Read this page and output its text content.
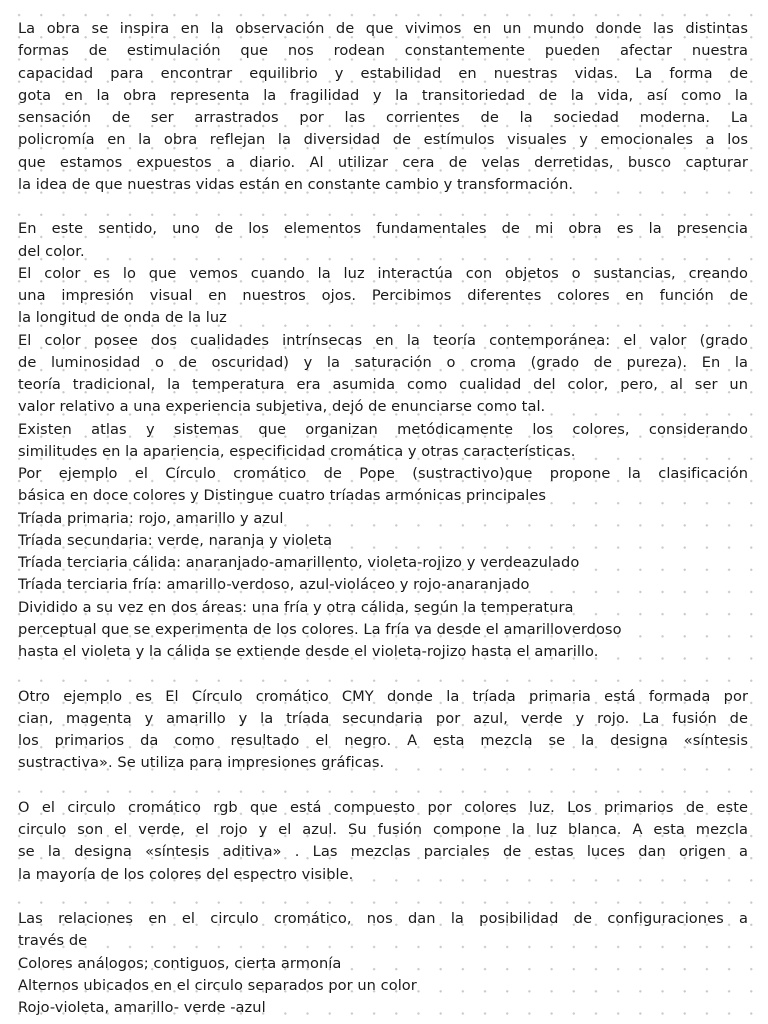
La obra se inspira en la observación de que vivimos en un mundo donde las distintas
formas de estimulación que nos rodean constantemente pueden afectar nuestra
capacidad para encontrar equilibrio y estabilidad en nuestras vidas. La forma de
gota en la obra representa la fragilidad y la transitoriedad de la vida, así como la
sensación de ser arrastrados por las corrientes de la sociedad moderna. La
policromía en la obra reflejan la diversidad de estímulos visuales y emocionales a los
que estamos expuestos a diario. Al utilizar cera de velas derretidas, busco capturar
la idea de que nuestras vidas están en constante cambio y transformación.
En este sentido, uno de los elementos fundamentales de mi obra es la presencia
del color.
El color es lo que vemos cuando la luz interactúa con objetos o sustancias, creando
una impresión visual en nuestros ojos. Percibimos diferentes colores en función de
la longitud de onda de la luz
El color posee dos cualidades intrínsecas en la teoría contemporánea: el valor (grado
de luminosidad o de oscuridad) y la saturación o croma (grado de pureza). En la
teoría tradicional, la temperatura era asumida como cualidad del color, pero, al ser un
valor relativo a una experiencia subjetiva, dejó de enunciarse como tal.
Existen atlas y sistemas que organizan metódicamente los colores, considerando
similitudes en la apariencia, especificidad cromática y otras características.
Por ejemplo el Círculo cromático de Pope (sustractivo)que propone la clasificación
básica en doce colores y Distingue cuatro tríadas armónicas principales
Tríada primaria: rojo, amarillo y azul
Tríada secundaria: verde, naranja y violeta
Tríada terciaria cálida: anaranjado-amarillento, violeta-rojizo y verdeazulado
Tríada terciaria fría: amarillo-verdoso, azul-violáceo y rojo-anaranjado
Dividido a su vez en dos áreas: una fría y otra cálida, según la temperatura
perceptual que se experimenta de los colores. La fría va desde el amarilloverdoso
hasta el violeta y la cálida se extiende desde el violeta-rojizo hasta el amarillo.
Otro ejemplo es El Círculo cromático CMY donde la tríada primaria está formada por
cian, magenta y amarillo y la tríada secundaria por azul, verde y rojo. La fusión de
los primarios da como resultado el negro. A esta mezcla se la designa «síntesis
sustractiva». Se utiliza para impresiones gráficas.
O el circulo cromático rgb que está compuesto por colores luz. Los primarios de este
circulo son el verde, el rojo y el azul. Su fusión compone la luz blanca. A esta mezcla
se la designa «síntesis aditiva» . Las mezclas parciales de estas luces dan origen a
la mayoría de los colores del espectro visible.
Las relaciones en el circulo cromático, nos dan la posibilidad de configuraciones a
través de
Colores análogos; contiguos, cierta armonía
Alternos ubicados en el circulo separados por un color
Rojo-violeta, amarillo- verde -azul
